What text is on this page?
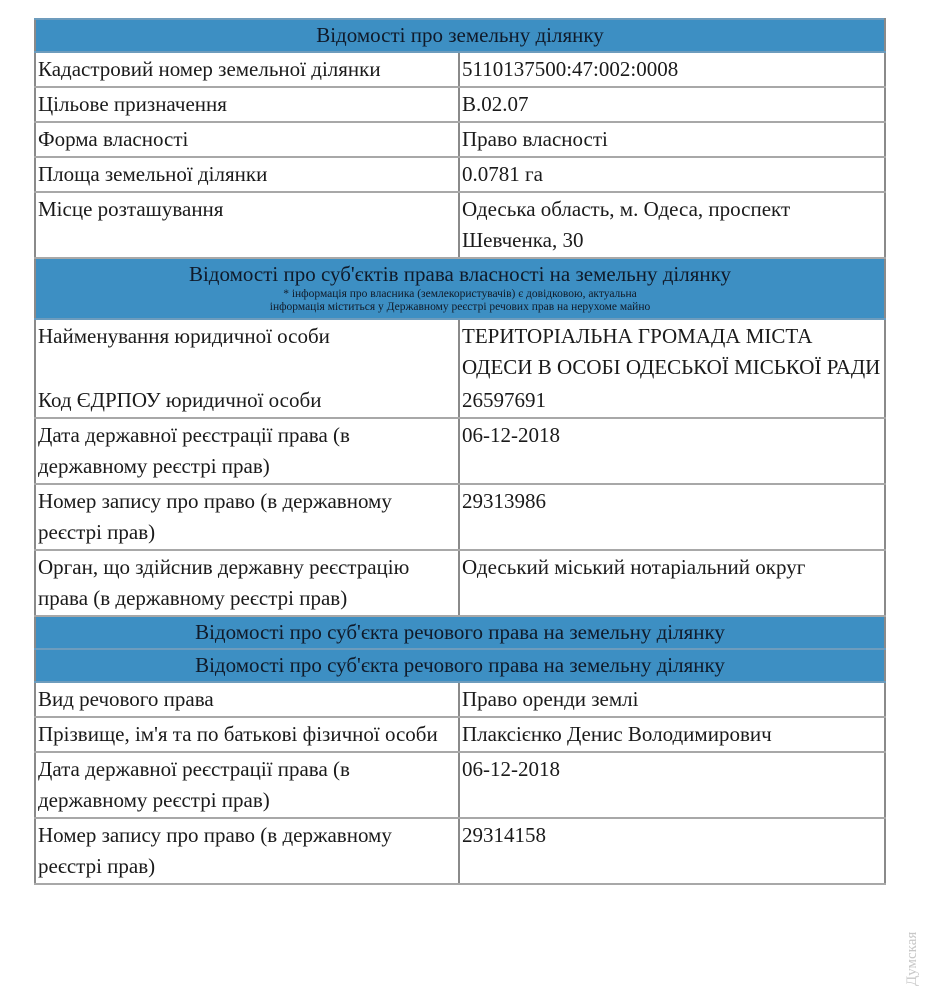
Відомості про земельну ділянку	
Кадастровий номер земельної ділянки	5110137500:47:002:0008
Цільове призначення	B.02.07
Форма власності	Право власності
Площа земельної ділянки	0.0781 га
Місце розташування	Одеська область, м. Одеса, проспект Шевченка, 30
Відомості про суб'єктів права власності на земельну ділянку
* інформація про власника (землекористувачів) є довідковою, актуальна
інформація міститься у Державному реєстрі речових прав на нерухоме майно	

Найменування юридичної особи	ТЕРИТОРІАЛЬНА ГРОМАДА МІСТА ОДЕСИ В ОСОБІ ОДЕСЬКОЇ МІСЬКОЇ РАДИ
Код ЄДРПОУ юридичної особи	26597691
Дата державної реєстрації права (в державному реєстрі прав)	06-12-2018
Номер запису про право (в державному реєстрі прав)	29313986
Орган, що здійснив державну реєстрацію права (в державному реєстрі прав)	Одеський міський нотаріальний округ
Відомості про суб'єкта речового права на земельну ділянку	
Відомості про суб'єкта речового права на земельну ділянку	
Вид речового права	Право оренди землі
Прізвище, ім'я та по батькові фізичної особи	Плаксієнко Денис Володимирович
Дата державної реєстрації права (в державному реєстрі прав)	06-12-2018
Номер запису про право (в державному реєстрі прав)	29314158
Думская
